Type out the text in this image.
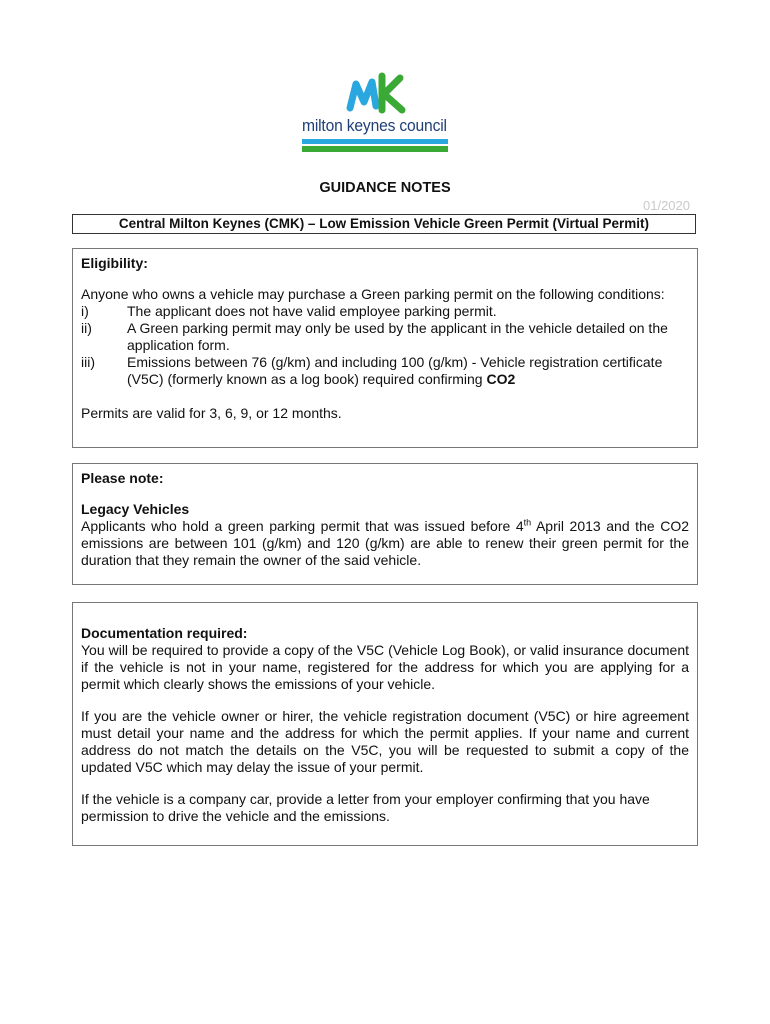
milton keynes council
GUIDANCE NOTES
01/2020
Central Milton Keynes (CMK) – Low Emission Vehicle Green Permit (Virtual Permit)

Eligibility:

Anyone who owns a vehicle may purchase a Green parking permit on the following conditions:

i)	The applicant does not have valid employee parking permit.
ii)	A Green parking permit may only be used by the applicant in the vehicle detailed on the application form.
iii)	Emissions between 76 (g/km) and including 100 (g/km) - Vehicle registration certificate (V5C) (formerly known as a log book) required confirming CO2

Permits are valid for 3, 6, 9, or 12 months.

Please note:

Legacy Vehicles

Applicants who hold a green parking permit that was issued before 4th April 2013 and the CO2 emissions are between 101 (g/km) and 120 (g/km) are able to renew their green permit for the duration that they remain the owner of the said vehicle.

Documentation required:

You will be required to provide a copy of the V5C (Vehicle Log Book), or valid insurance document if the vehicle is not in your name, registered for the address for which you are applying for a permit which clearly shows the emissions of your vehicle.

If you are the vehicle owner or hirer, the vehicle registration document (V5C) or hire agreement must detail your name and the address for which the permit applies. If your name and current address do not match the details on the V5C, you will be requested to submit a copy of the updated V5C which may delay the issue of your permit.

If the vehicle is a company car, provide a letter from your employer confirming that you have permission to drive the vehicle and the emissions.
